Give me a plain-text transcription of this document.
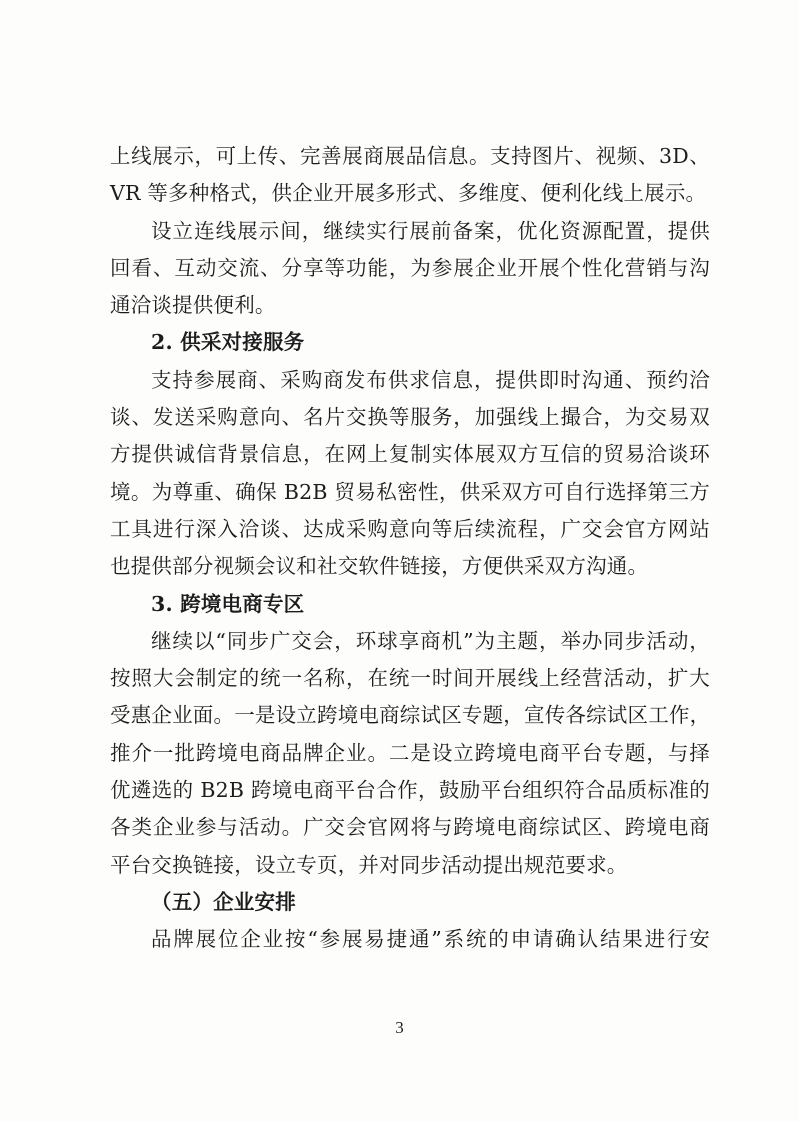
上线展示，可上传、完善展商展品信息。支持图片、视频、3D、
VR 等多种格式，供企业开展多形式、多维度、便利化线上展示。
设立连线展示间，继续实行展前备案，优化资源配置，提供
回看、互动交流、分享等功能，为参展企业开展个性化营销与沟
通洽谈提供便利。
2. 供采对接服务
支持参展商、采购商发布供求信息，提供即时沟通、预约洽
谈、发送采购意向、名片交换等服务，加强线上撮合，为交易双
方提供诚信背景信息，在网上复制实体展双方互信的贸易洽谈环
境。为尊重、确保 B2B 贸易私密性，供采双方可自行选择第三方
工具进行深入洽谈、达成采购意向等后续流程，广交会官方网站
也提供部分视频会议和社交软件链接，方便供采双方沟通。
3. 跨境电商专区
继续以“同步广交会，环球享商机”为主题，举办同步活动，
按照大会制定的统一名称，在统一时间开展线上经营活动，扩大
受惠企业面。一是设立跨境电商综试区专题，宣传各综试区工作，
推介一批跨境电商品牌企业。二是设立跨境电商平台专题，与择
优遴选的 B2B 跨境电商平台合作，鼓励平台组织符合品质标准的
各类企业参与活动。广交会官网将与跨境电商综试区、跨境电商
平台交换链接，设立专页，并对同步活动提出规范要求。
（五）企业安排
品牌展位企业按“参展易捷通”系统的申请确认结果进行安
3
